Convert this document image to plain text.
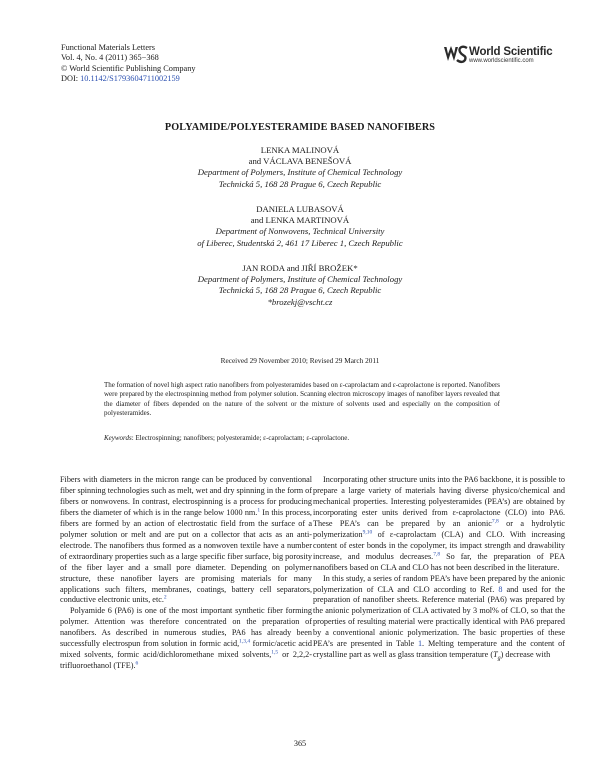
Functional Materials Letters
Vol. 4, No. 4 (2011) 365−368
© World Scientific Publishing Company
DOI: 10.1142/S1793604711002159
World Scientific
www.worldscientific.com
POLYAMIDE/POLYESTERAMIDE BASED NANOFIBERS
LENKA MALINOVÁ
and VÁCLAVA BENEŠOVÁ
Department of Polymers, Institute of Chemical Technology
Technická 5, 168 28 Prague 6, Czech Republic
DANIELA LUBASOVÁ
and LENKA MARTINOVÁ
Department of Nonwovens, Technical University
of Liberec, Studentská 2, 461 17 Liberec 1, Czech Republic
JAN RODA and JIŘÍ BROŽEK*
Department of Polymers, Institute of Chemical Technology
Technická 5, 168 28 Prague 6, Czech Republic
*brozekj@vscht.cz
Received 29 November 2010; Revised 29 March 2011
The formation of novel high aspect ratio nanofibers from polyesteramides based on ε-caprolactam and ε-caprolactone is reported. Nanofibers were prepared by the electrospinning method from polymer solution. Scanning electron microscopy images of nanofiber layers revealed that the diameter of fibers depended on the nature of the solvent or the mixture of solvents used and especially on the composition of polyesteramides.
Keywords: Electrospinning; nanofibers; polyesteramide; ε-caprolactam; ε-caprolactone.

Fibers with diameters in the micron range can be produced by conventional fiber spinning technologies such as melt, wet and dry spinning in the form of fibers or nonwovens. In contrast, electrospinning is a process for producing fibers the diameter of which is in the range below 1000 nm.$^1$ In this process, fibers are formed by an action of electrostatic field from the surface of a polymer solution or melt and are put on a collector that acts as an anti-electrode. The nanofibers thus formed as a nonwoven textile have a number of extraordinary properties such as a large specific fiber surface, big porosity of the fiber layer and a small pore diameter. Depending on polymer structure, these nanofiber layers are promising materials for many applications such filters, membranes, coatings, battery cell separators, conductive electronic units, etc.$^2$

Polyamide 6 (PA6) is one of the most important synthetic fiber forming polymer. Attention was therefore concentrated on the preparation of nanofibers. As described in numerous studies, PA6 has already been successfully electrospun from solution in formic acid,$^{1,3,4}$ formic/acetic acid mixed solvents, formic acid/dichloromethane mixed solvents,$^{1,5}$ or 2,2,2-trifluoroethanol (TFE).$^6$

Incorporating other structure units into the PA6 backbone, it is possible to prepare a large variety of materials having diverse physico/chemical and mechanical properties. Interesting polyesteramides (PEA’s) are obtained by incorporating ester units derived from ε-caprolactone (CLO) into PA6. These PEA’s can be prepared by an anionic$^{7,8}$ or a hydrolytic polymerization$^{9,10}$ of ε-caprolactam (CLA) and CLO. With increasing content of ester bonds in the copolymer, its impact strength and drawability increase, and modulus decreases.$^{7,8}$ So far, the preparation of PEA nanofibers based on CLA and CLO has not been described in the literature.

In this study, a series of random PEA’s have been prepared by the anionic polymerization of CLA and CLO according to Ref. 8 and used for the preparation of nanofiber sheets. Reference material (PA6) was prepared by the anionic polymerization of CLA activated by 3 mol% of CLO, so that the properties of resulting material were practically identical with PA6 prepared by a conventional anionic polymerization. The basic properties of these PEA’s are presented in Table 1. Melting temperature and the content of crystalline part as well as glass transition temperature $(T_g)$ decrease with

365
